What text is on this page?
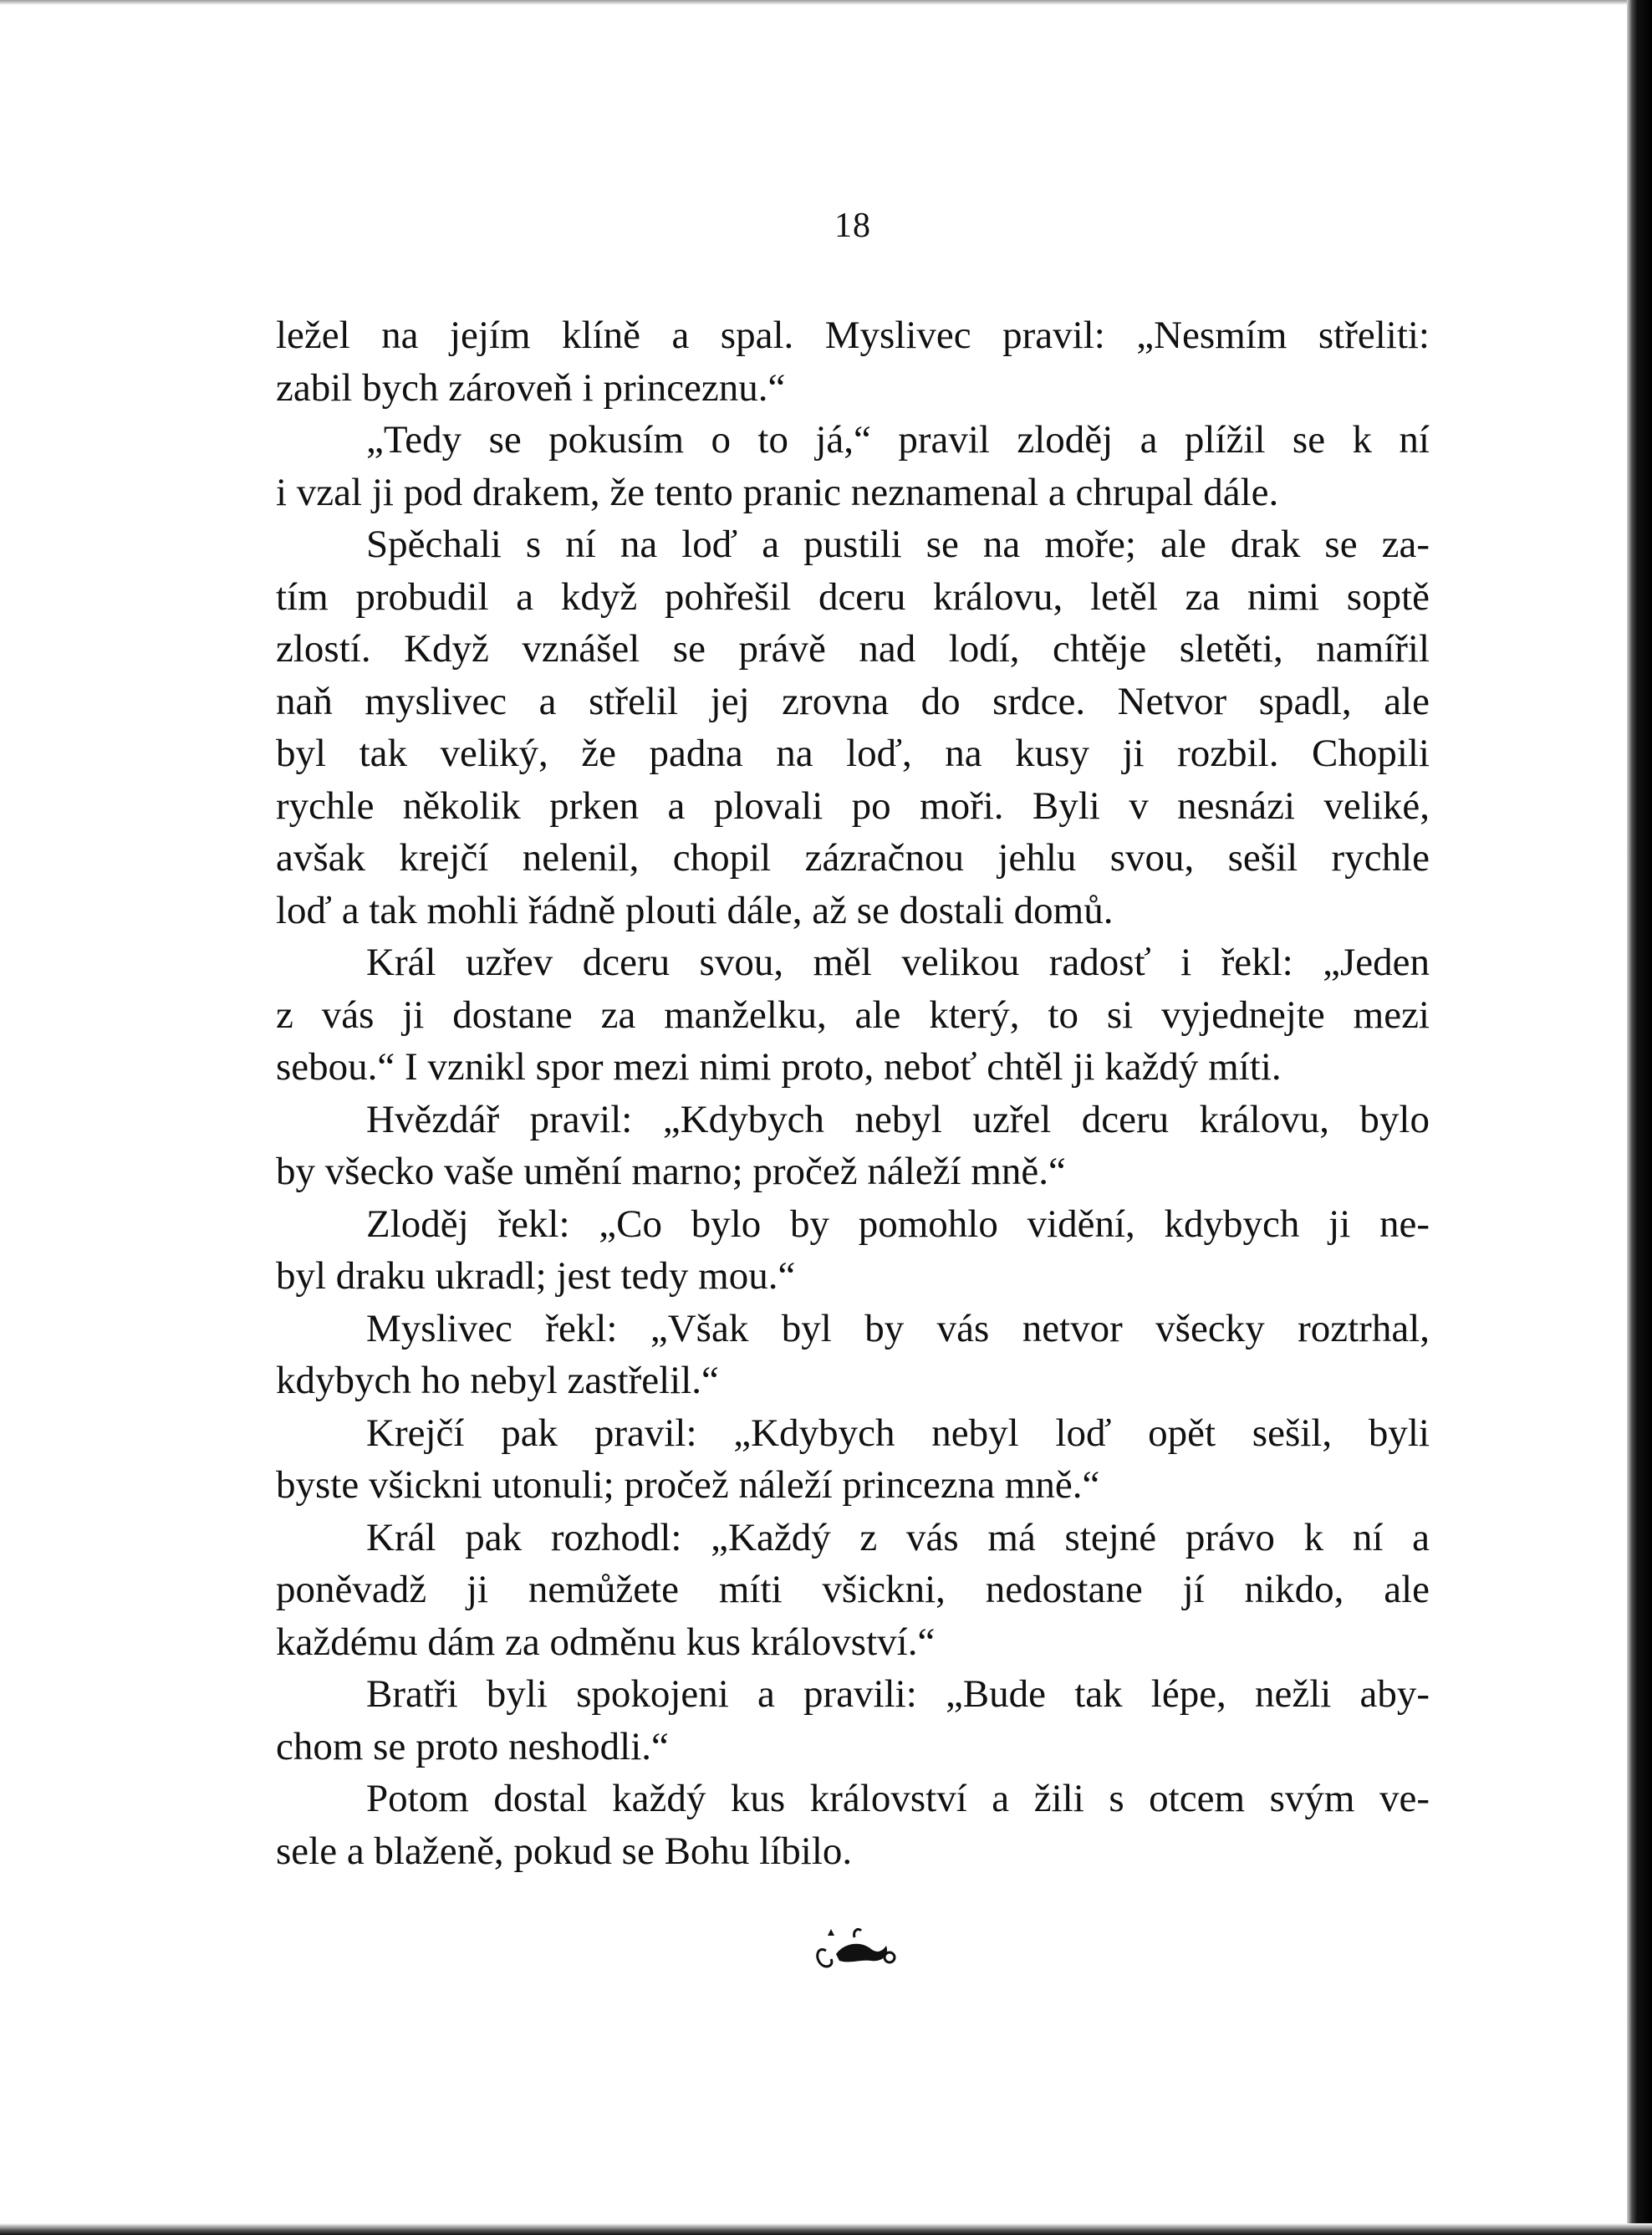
18

ležel na jejím klíně a spal. Myslivec pravil: „Nesmím střeliti:

zabil bych zároveň i princeznu.“

„Tedy se pokusím o to já,“ pravil zloděj a plížil se k ní

i vzal ji pod drakem, že tento pranic neznamenal a chrupal dále.

Spěchali s ní na loď a pustili se na moře; ale drak se za-

tím probudil a když pohřešil dceru královu, letěl za nimi soptě

zlostí. Když vznášel se právě nad lodí, chtěje sletěti, namířil

naň myslivec a střelil jej zrovna do srdce. Netvor spadl, ale

byl tak veliký, že padna na loď, na kusy ji rozbil. Chopili

rychle několik prken a plovali po moři. Byli v nesnázi veliké,

avšak krejčí nelenil, chopil zázračnou jehlu svou, sešil rychle

loď a tak mohli řádně plouti dále, až se dostali domů.

Král uzřev dceru svou, měl velikou radosť i řekl: „Jeden

z vás ji dostane za manželku, ale který, to si vyjednejte mezi

sebou.“ I vznikl spor mezi nimi proto, neboť chtěl ji každý míti.

Hvězdář pravil: „Kdybych nebyl uzřel dceru královu, bylo

by všecko vaše umění marno; pročež náleží mně.“

Zloděj řekl: „Co bylo by pomohlo vidění, kdybych ji ne-

byl draku ukradl; jest tedy mou.“

Myslivec řekl: „Však byl by vás netvor všecky roztrhal,

kdybych ho nebyl zastřelil.“

Krejčí pak pravil: „Kdybych nebyl loď opět sešil, byli

byste všickni utonuli; pročež náleží princezna mně.“

Král pak rozhodl: „Každý z vás má stejné právo k ní a

poněvadž ji nemůžete míti všickni, nedostane jí nikdo, ale

každému dám za odměnu kus království.“

Bratři byli spokojeni a pravili: „Bude tak lépe, nežli aby-

chom se proto neshodli.“

Potom dostal každý kus království a žili s otcem svým ve-

sele a blaženě, pokud se Bohu líbilo.
